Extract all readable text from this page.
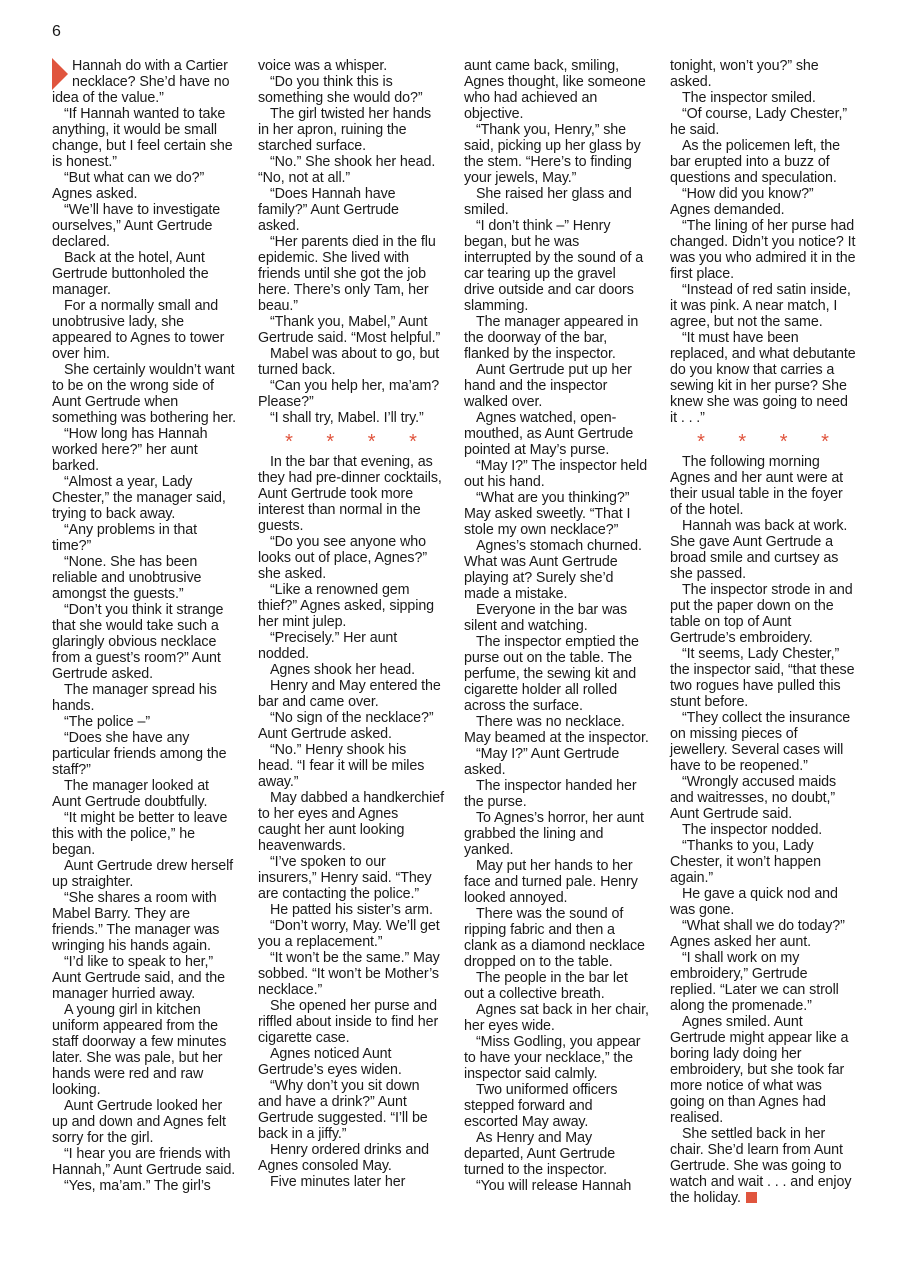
6

Hannah do with a Cartier necklace? She’d have no idea of the value.”

“If Hannah wanted to take anything, it would be small change, but I feel certain she is honest.”

“But what can we do?” Agnes asked.

“We’ll have to investigate ourselves,” Aunt Gertrude declared.

Back at the hotel, Aunt Gertrude buttonholed the manager.

For a normally small and unobtrusive lady, she appeared to Agnes to tower over him.

She certainly wouldn’t want to be on the wrong side of Aunt Gertrude when something was bothering her.

“How long has Hannah worked here?” her aunt barked.

“Almost a year, Lady Chester,” the manager said, trying to back away.

“Any problems in that time?”

“None. She has been reliable and unobtrusive amongst the guests.”

“Don’t you think it strange that she would take such a glaringly obvious necklace from a guest’s room?” Aunt Gertrude asked.

The manager spread his hands.

“The police –”

“Does she have any particular friends among the staff?”

The manager looked at Aunt Gertrude doubtfully.

“It might be better to leave this with the police,” he began.

Aunt Gertrude drew herself up straighter.

“She shares a room with Mabel Barry. They are friends.” The manager was wringing his hands again.

“I’d like to speak to her,” Aunt Gertrude said, and the manager hurried away.

A young girl in kitchen uniform appeared from the staff doorway a few minutes later. She was pale, but her hands were red and raw looking.

Aunt Gertrude looked her up and down and Agnes felt sorry for the girl.

“I hear you are friends with Hannah,” Aunt Gertrude said.

“Yes, ma’am.” The girl’s

voice was a whisper.

“Do you think this is something she would do?”

The girl twisted her hands in her apron, ruining the starched surface.

“No.” She shook her head. “No, not at all.”

“Does Hannah have family?” Aunt Gertrude asked.

“Her parents died in the flu epidemic. She lived with friends until she got the job here. There’s only Tam, her beau.”

“Thank you, Mabel,” Aunt Gertrude said. “Most helpful.”

Mabel was about to go, but turned back.

“Can you help her, ma’am? Please?”

“I shall try, Mabel. I’ll try.”

* * * *

In the bar that evening, as they had pre-dinner cocktails, Aunt Gertrude took more interest than normal in the guests.

“Do you see anyone who looks out of place, Agnes?” she asked.

“Like a renowned gem thief?” Agnes asked, sipping her mint julep.

“Precisely.” Her aunt nodded.

Agnes shook her head.

Henry and May entered the bar and came over.

“No sign of the necklace?” Aunt Gertrude asked.

“No.” Henry shook his head. “I fear it will be miles away.”

May dabbed a handkerchief to her eyes and Agnes caught her aunt looking heavenwards.

“I’ve spoken to our insurers,” Henry said. “They are contacting the police.”

He patted his sister’s arm.

“Don’t worry, May. We’ll get you a replacement.”

“It won’t be the same.” May sobbed. “It won’t be Mother’s necklace.”

She opened her purse and riffled about inside to find her cigarette case.

Agnes noticed Aunt Gertrude’s eyes widen.

“Why don’t you sit down and have a drink?” Aunt Gertrude suggested. “I’ll be back in a jiffy.”

Henry ordered drinks and Agnes consoled May.

Five minutes later her

aunt came back, smiling, Agnes thought, like someone who had achieved an objective.

“Thank you, Henry,” she said, picking up her glass by the stem. “Here’s to finding your jewels, May.”

She raised her glass and smiled.

“I don’t think –” Henry began, but he was interrupted by the sound of a car tearing up the gravel drive outside and car doors slamming.

The manager appeared in the doorway of the bar, flanked by the inspector.

Aunt Gertrude put up her hand and the inspector walked over.

Agnes watched, open-mouthed, as Aunt Gertrude pointed at May’s purse.

“May I?” The inspector held out his hand.

“What are you thinking?” May asked sweetly. “That I stole my own necklace?”

Agnes’s stomach churned. What was Aunt Gertrude playing at? Surely she’d made a mistake.

Everyone in the bar was silent and watching.

The inspector emptied the purse out on the table. The perfume, the sewing kit and cigarette holder all rolled across the surface.

There was no necklace. May beamed at the inspector.

“May I?” Aunt Gertrude asked.

The inspector handed her the purse.

To Agnes’s horror, her aunt grabbed the lining and yanked.

May put her hands to her face and turned pale. Henry looked annoyed.

There was the sound of ripping fabric and then a clank as a diamond necklace dropped on to the table.

The people in the bar let out a collective breath.

Agnes sat back in her chair, her eyes wide.

“Miss Godling, you appear to have your necklace,” the inspector said calmly.

Two uniformed officers stepped forward and escorted May away.

As Henry and May departed, Aunt Gertrude turned to the inspector.

“You will release Hannah

tonight, won’t you?” she asked.

The inspector smiled.

“Of course, Lady Chester,” he said.

As the policemen left, the bar erupted into a buzz of questions and speculation.

“How did you know?” Agnes demanded.

“The lining of her purse had changed. Didn’t you notice? It was you who admired it in the first place.

“Instead of red satin inside, it was pink. A near match, I agree, but not the same.

“It must have been replaced, and what debutante do you know that carries a sewing kit in her purse? She knew she was going to need it . . .”

* * * *

The following morning Agnes and her aunt were at their usual table in the foyer of the hotel.

Hannah was back at work. She gave Aunt Gertrude a broad smile and curtsey as she passed.

The inspector strode in and put the paper down on the table on top of Aunt Gertrude’s embroidery.

“It seems, Lady Chester,” the inspector said, “that these two rogues have pulled this stunt before.

“They collect the insurance on missing pieces of jewellery. Several cases will have to be reopened.”

“Wrongly accused maids and waitresses, no doubt,” Aunt Gertrude said.

The inspector nodded.

“Thanks to you, Lady Chester, it won’t happen again.”

He gave a quick nod and was gone.

“What shall we do today?” Agnes asked her aunt.

“I shall work on my embroidery,” Gertrude replied. “Later we can stroll along the promenade.”

Agnes smiled. Aunt Gertrude might appear like a boring lady doing her embroidery, but she took far more notice of what was going on than Agnes had realised.

She settled back in her chair. She’d learn from Aunt Gertrude. She was going to watch and wait . . . and enjoy the holiday.
